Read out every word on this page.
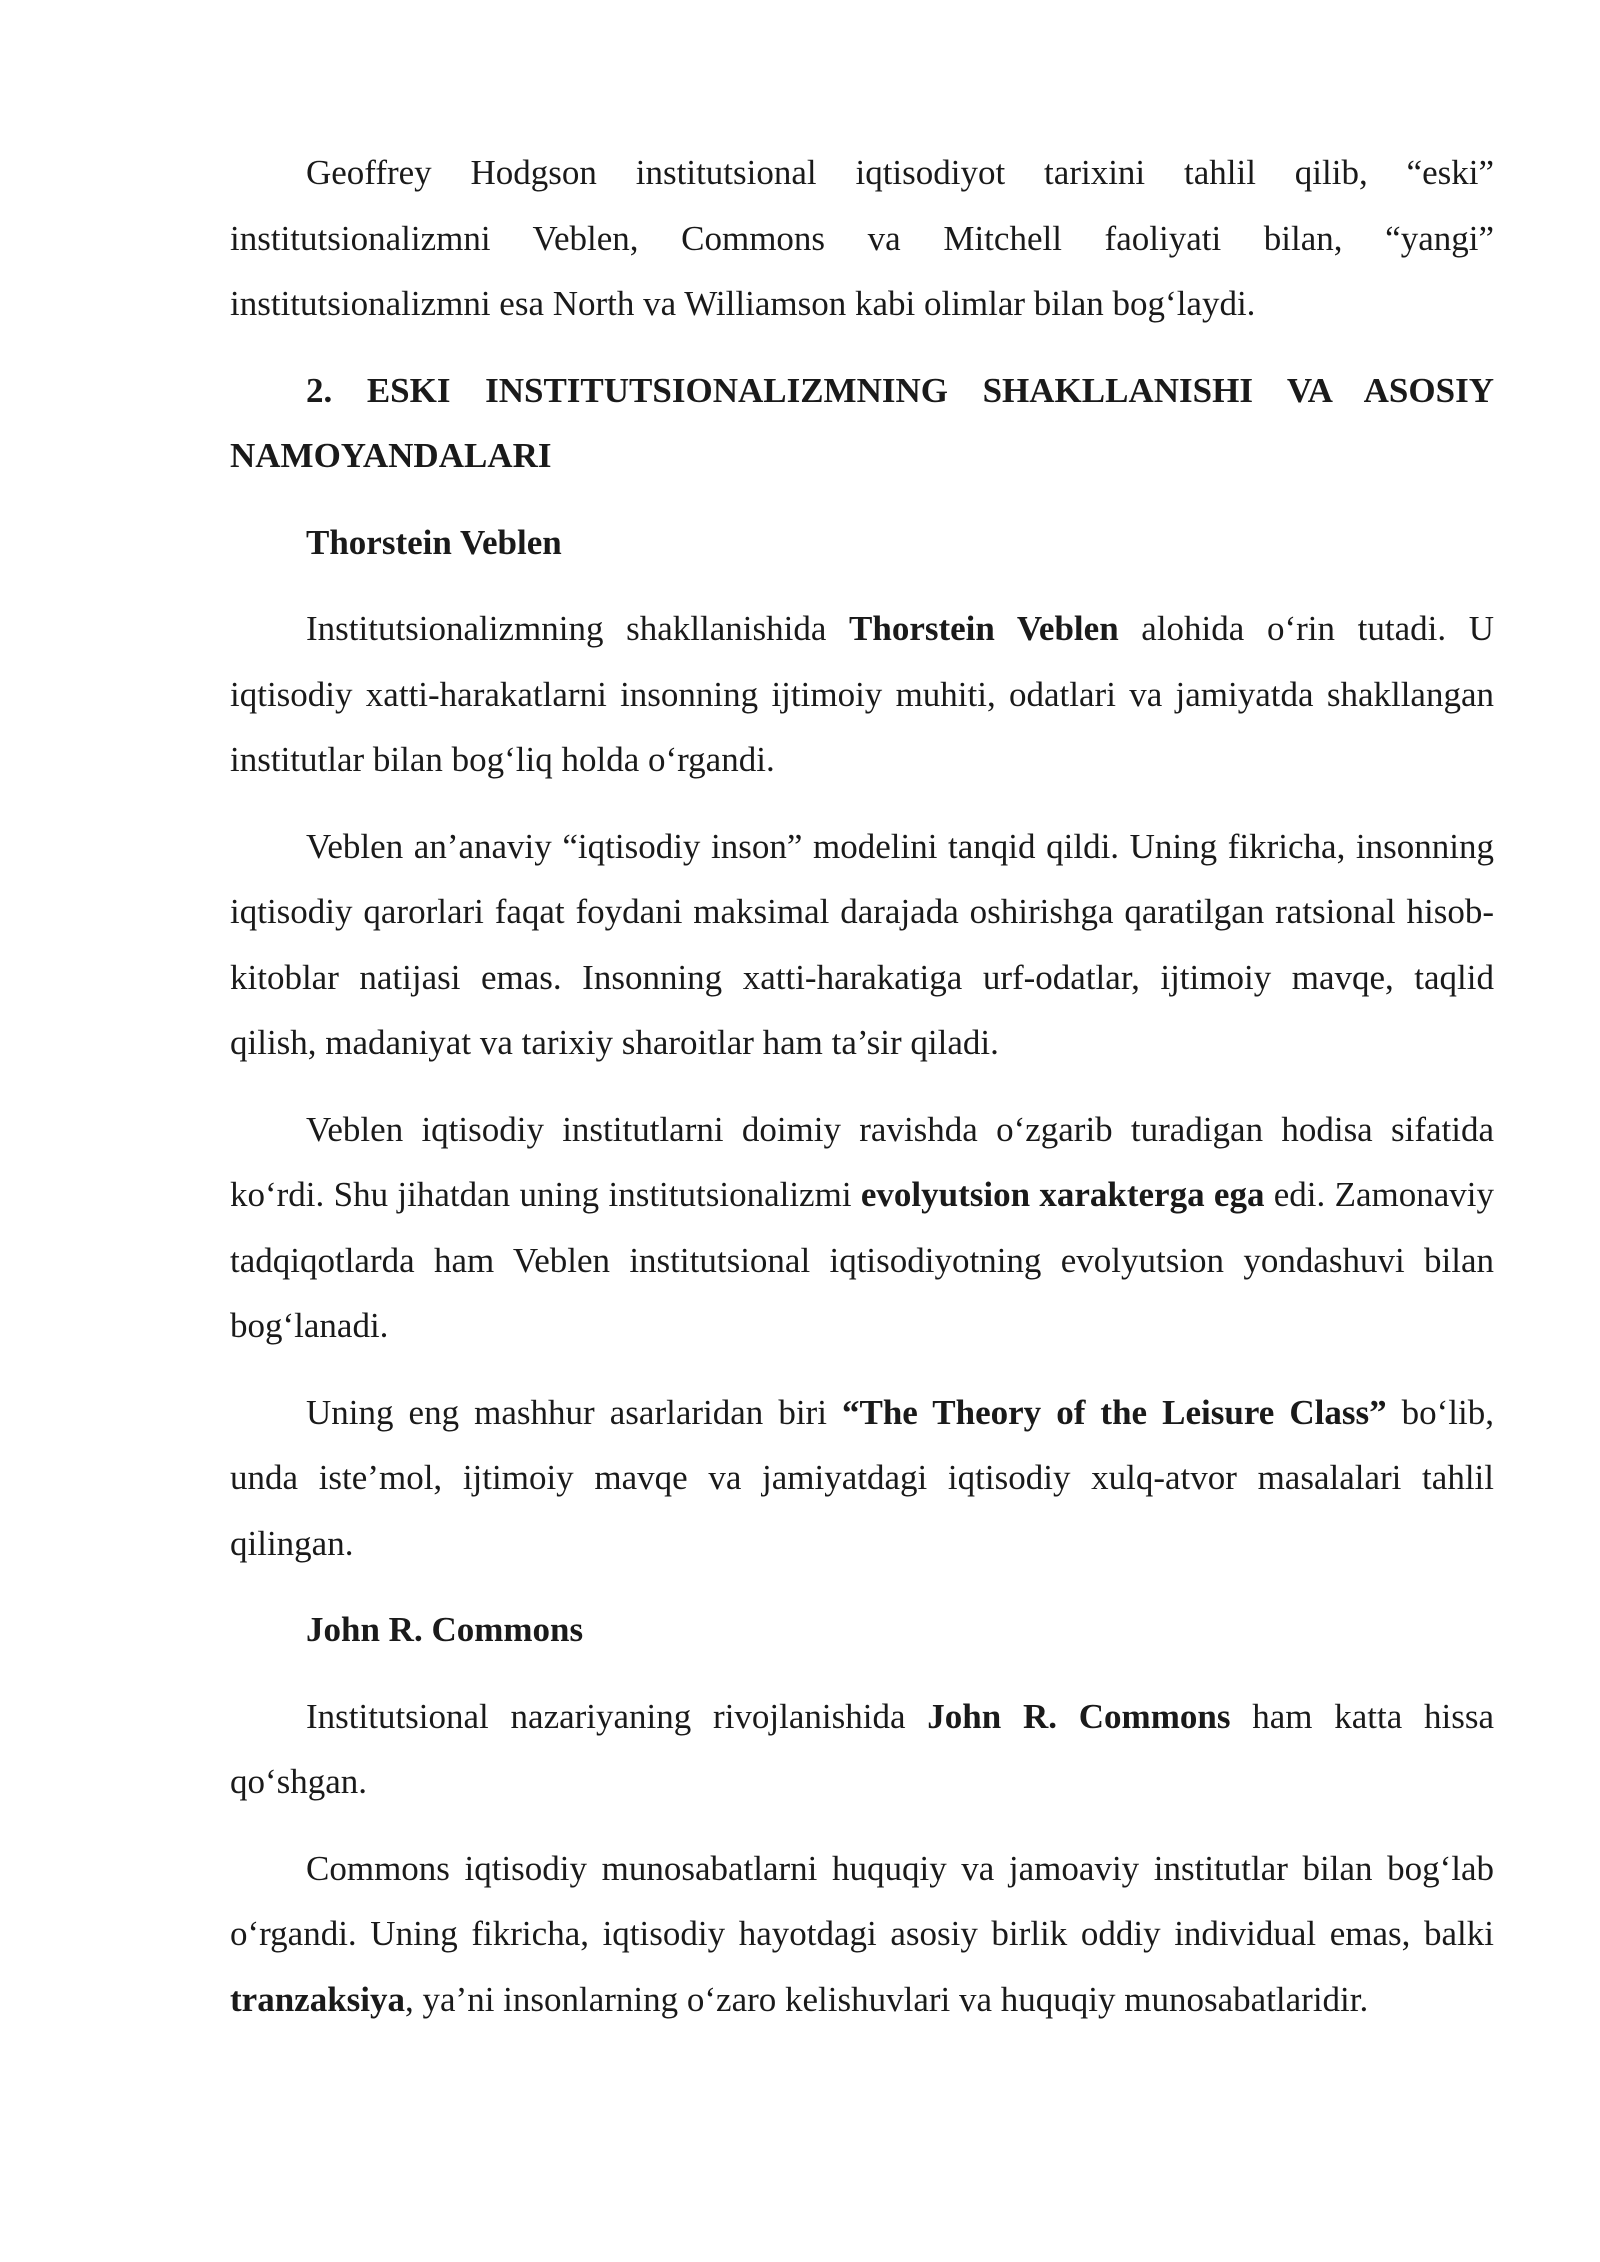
Geoffrey Hodgson institutsional iqtisodiyot tarixini tahlil qilib, “eski” institutsionalizmni Veblen, Commons va Mitchell faoliyati bilan, “yangi” institutsionalizmni esa North va Williamson kabi olimlar bilan bog‘laydi.

2. ESKI INSTITUTSIONALIZMNING SHAKLLANISHI VA ASOSIY NAMOYANDALARI

Thorstein Veblen

Institutsionalizmning shakllanishida Thorstein Veblen alohida o‘rin tutadi. U iqtisodiy xatti-harakatlarni insonning ijtimoiy muhiti, odatlari va jamiyatda shakllangan institutlar bilan bog‘liq holda o‘rgandi.

Veblen an’anaviy “iqtisodiy inson” modelini tanqid qildi. Uning fikricha, insonning iqtisodiy qarorlari faqat foydani maksimal darajada oshirishga qaratilgan ratsional hisob-kitoblar natijasi emas. Insonning xatti-harakatiga urf-odatlar, ijtimoiy mavqe, taqlid qilish, madaniyat va tarixiy sharoitlar ham ta’sir qiladi.

Veblen iqtisodiy institutlarni doimiy ravishda o‘zgarib turadigan hodisa sifatida ko‘rdi. Shu jihatdan uning institutsionalizmi evolyutsion xarakterga ega edi. Zamonaviy tadqiqotlarda ham Veblen institutsional iqtisodiyotning evolyutsion yondashuvi bilan bog‘lanadi.

Uning eng mashhur asarlaridan biri “The Theory of the Leisure Class” bo‘lib, unda iste’mol, ijtimoiy mavqe va jamiyatdagi iqtisodiy xulq-atvor masalalari tahlil qilingan.

John R. Commons

Institutsional nazariyaning rivojlanishida John R. Commons ham katta hissa qo‘shgan.

Commons iqtisodiy munosabatlarni huquqiy va jamoaviy institutlar bilan bog‘lab o‘rgandi. Uning fikricha, iqtisodiy hayotdagi asosiy birlik oddiy individual emas, balki tranzaksiya, ya’ni insonlarning o‘zaro kelishuvlari va huquqiy munosabatlaridir.
